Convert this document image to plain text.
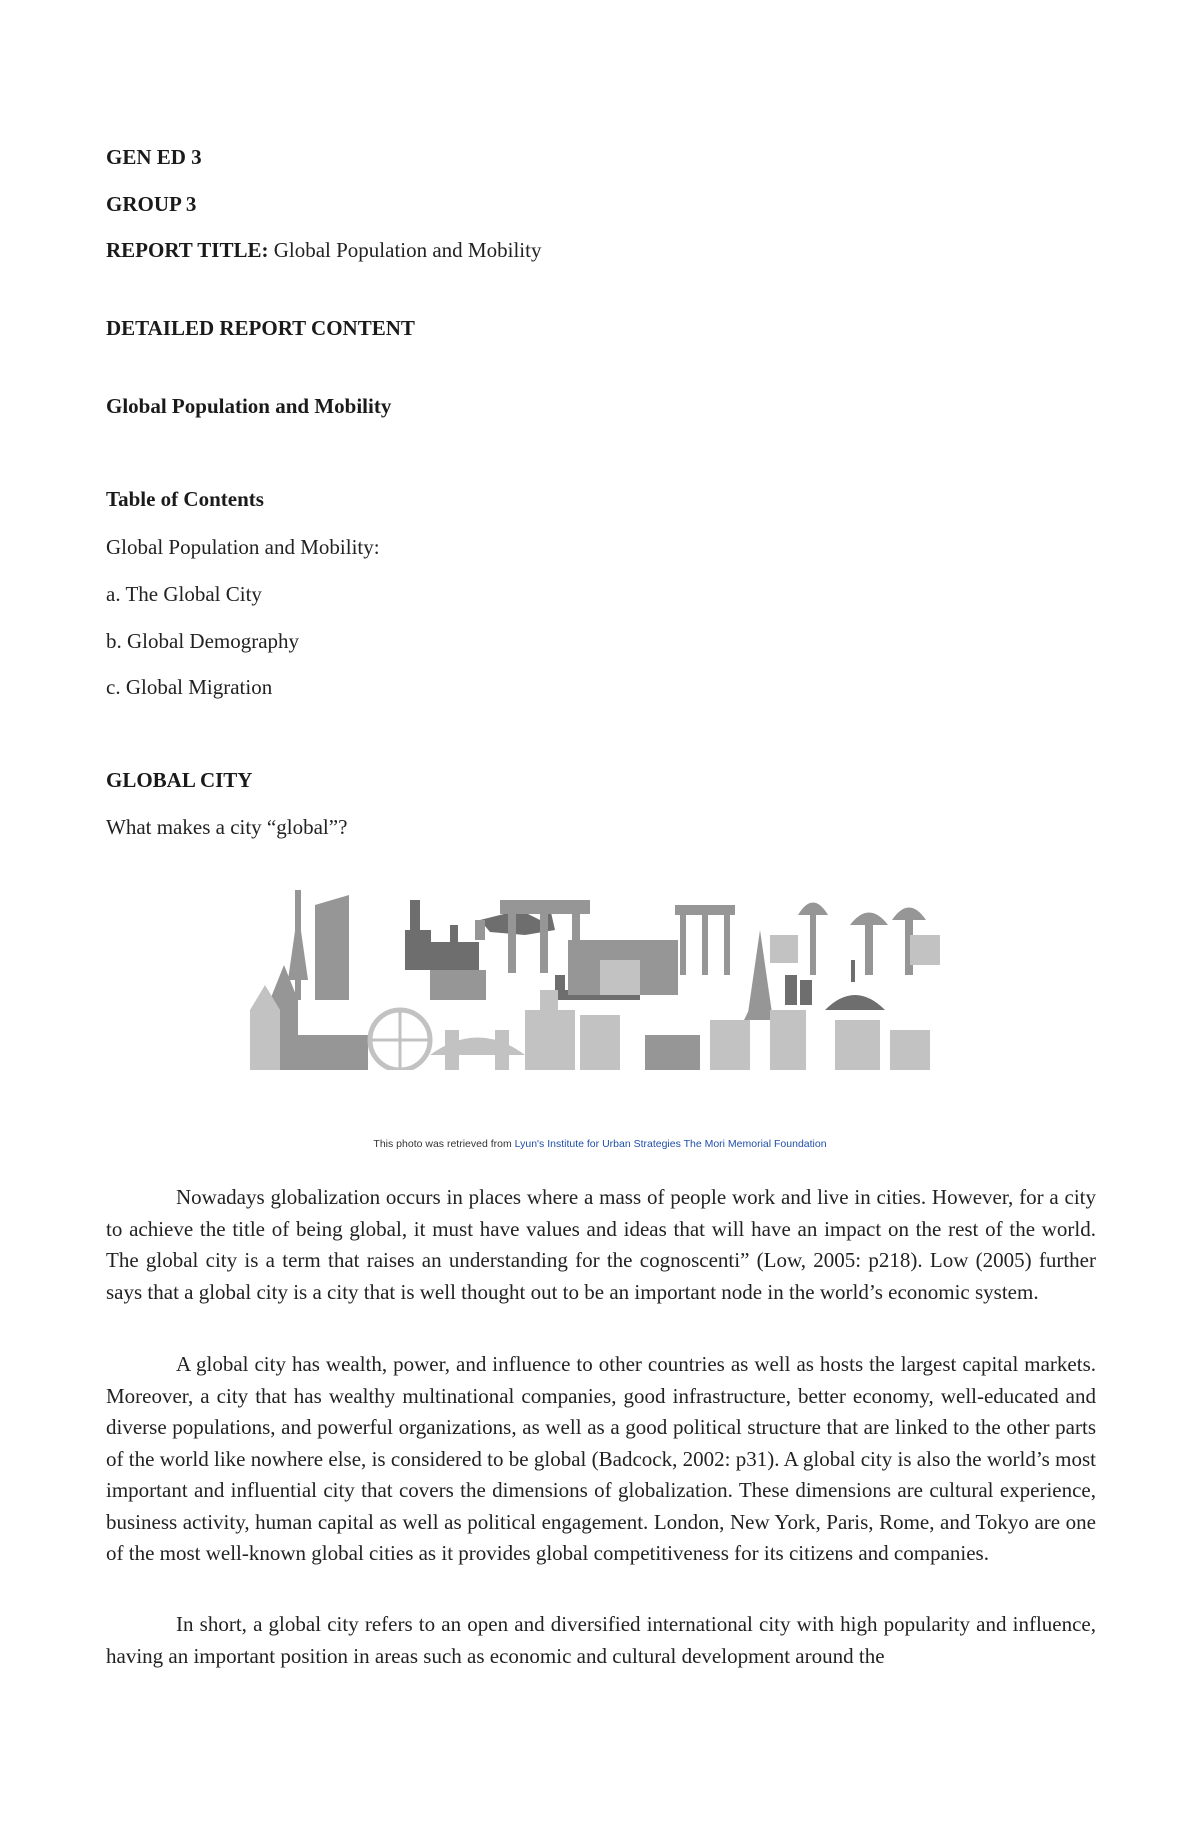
GEN ED 3
GROUP 3
REPORT TITLE: Global Population and Mobility
DETAILED REPORT CONTENT
Global Population and Mobility
Table of Contents
Global Population and Mobility:
a. The Global City
b. Global Demography
c. Global Migration
GLOBAL CITY
What makes a city “global”?
This photo was retrieved from Lyun's Institute for Urban Strategies The Mori Memorial Foundation

Nowadays globalization occurs in places where a mass of people work and live in cities. However, for a city to achieve the title of being global, it must have values and ideas that will have an impact on the rest of the world. The global city is a term that raises an understanding for the cognoscenti” (Low, 2005: p218). Low (2005) further says that a global city is a city that is well thought out to be an important node in the world’s economic system.

A global city has wealth, power, and influence to other countries as well as hosts the largest capital markets. Moreover, a city that has wealthy multinational companies, good infrastructure, better economy, well-educated and diverse populations, and powerful organizations, as well as a good political structure that are linked to the other parts of the world like nowhere else, is considered to be global (Badcock, 2002: p31). A global city is also the world’s most important and influential city that covers the dimensions of globalization. These dimensions are cultural experience, business activity, human capital as well as political engagement. London, New York, Paris, Rome, and Tokyo are one of the most well-known global cities as it provides global competitiveness for its citizens and companies.

In short, a global city refers to an open and diversified international city with high popularity and influence, having an important position in areas such as economic and cultural development around the
